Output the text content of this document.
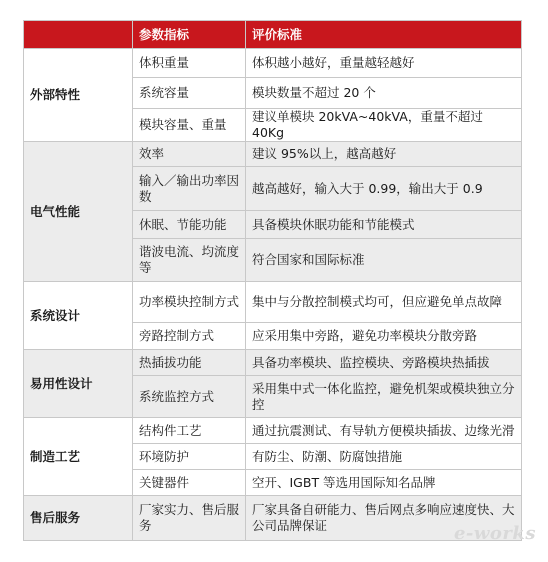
	参数指标	评价标准
外部特性	体积重量	体积越小越好，重量越轻越好
	系统容量	模块数量不超过 20 个
	模块容量、重量	建议单模块 20kVA~40kVA，重量不超过 40Kg
电气性能	效率	建议 95%以上，越高越好
	输入／输出功率因数	越高越好，输入大于 0.99，输出大于 0.9
	休眠、节能功能	具备模块休眠功能和节能模式
	谐波电流、均流度等	符合国家和国际标准
系统设计	功率模块控制方式	集中与分散控制模式均可，但应避免单点故障
	旁路控制方式	应采用集中旁路，避免功率模块分散旁路
易用性设计	热插拔功能	具备功率模块、监控模块、旁路模块热插拔
	系统监控方式	采用集中式一体化监控，避免机架或模块独立分控
制造工艺	结构件工艺	通过抗震测试、有导轨方便模块插拔、边缘光滑
	环境防护	有防尘、防潮、防腐蚀措施
	关键器件	空开、IGBT 等选用国际知名品牌
售后服务	厂家实力、售后服务	厂家具备自研能力、售后网点多响应速度快、大公司品牌保证	e-works
